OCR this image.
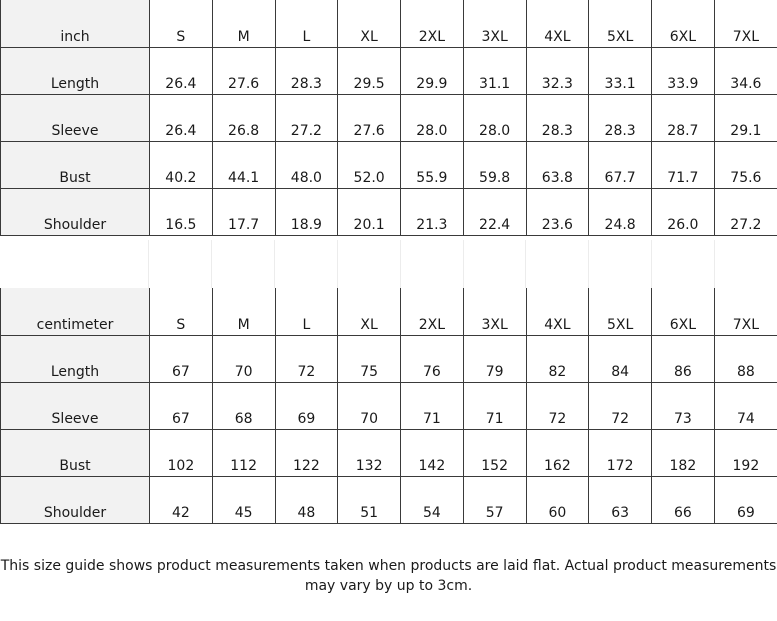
inch	S	M	L	XL	2XL	3XL	4XL	5XL	6XL	7XL
Length	26.4	27.6	28.3	29.5	29.9	31.1	32.3	33.1	33.9	34.6
Sleeve	26.4	26.8	27.2	27.6	28.0	28.0	28.3	28.3	28.7	29.1
Bust	40.2	44.1	48.0	52.0	55.9	59.8	63.8	67.7	71.7	75.6
Shoulder	16.5	17.7	18.9	20.1	21.3	22.4	23.6	24.8	26.0	27.2
centimeter	S	M	L	XL	2XL	3XL	4XL	5XL	6XL	7XL
Length	67	70	72	75	76	79	82	84	86	88
Sleeve	67	68	69	70	71	71	72	72	73	74
Bust	102	112	122	132	142	152	162	172	182	192
Shoulder	42	45	48	51	54	57	60	63	66	69
This size guide shows product measurements taken when products are laid flat. Actual product measurements may vary by up to 3cm.
